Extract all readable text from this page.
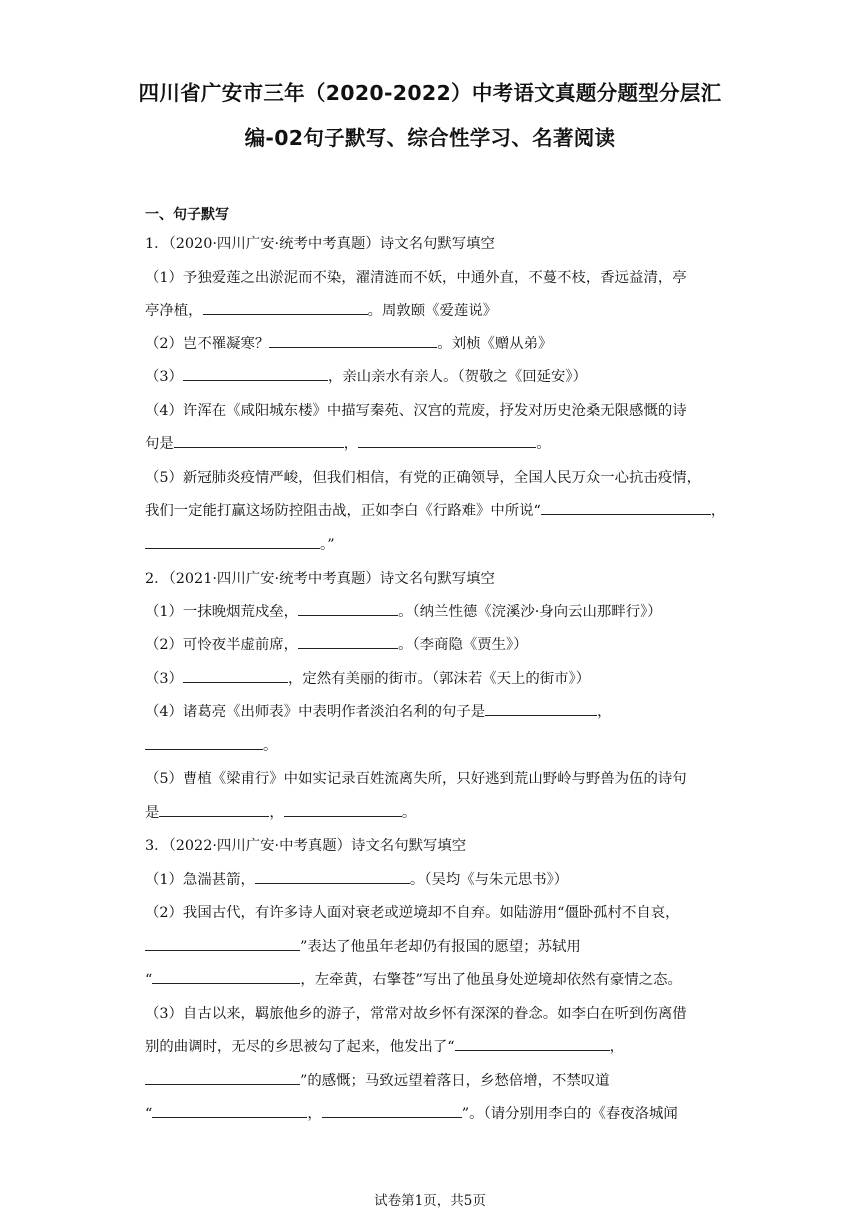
四川省广安市三年（2020-2022）中考语文真题分题型分层汇
编-02句子默写、综合性学习、名著阅读
一、句子默写
1．（2020·四川广安·统考中考真题）诗文名句默写填空
（1）予独爱莲之出淤泥而不染，濯清涟而不妖，中通外直，不蔓不枝，香远益清，亭
亭净植，	。周敦颐《爱莲说》
（2）岂不罹凝寒？	。刘桢《赠从弟》
（3）	，亲山亲水有亲人。（贺敬之《回延安》）
（4）许浑在《咸阳城东楼》中描写秦苑、汉宫的荒废，抒发对历史沧桑无限感慨的诗
句是	，	。
（5）新冠肺炎疫情严峻，但我们相信，有党的正确领导，全国人民万众一心抗击疫情，
我们一定能打赢这场防控阻击战，正如李白《行路难》中所说“	，
。”
2．（2021·四川广安·统考中考真题）诗文名句默写填空
（1）一抹晚烟荒戍垒，	。（纳兰性德《浣溪沙·身向云山那畔行》）
（2）可怜夜半虚前席，	。（李商隐《贾生》）
（3）	，定然有美丽的街市。（郭沫若《天上的街市》）
（4）诸葛亮《出师表》中表明作者淡泊名利的句子是	，
。
（5）曹植《梁甫行》中如实记录百姓流离失所，只好逃到荒山野岭与野兽为伍的诗句
是	，	。
3．（2022·四川广安·中考真题）诗文名句默写填空
（1）急湍甚箭，	。（吴均《与朱元思书》）
（2）我国古代，有许多诗人面对衰老或逆境却不自弃。如陆游用“僵卧孤村不自哀，
”表达了他虽年老却仍有报国的愿望；苏轼用
“	，左牵黄，右擎苍”写出了他虽身处逆境却依然有豪情之态。
（3）自古以来，羁旅他乡的游子，常常对故乡怀有深深的眷念。如李白在听到伤离借
别的曲调时，无尽的乡思被勾了起来，他发出了“	，
”的感慨；马致远望着落日，乡愁倍增，不禁叹道
“	，	”。（请分别用李白的《春夜洛城闻
试卷第1页，共5页
